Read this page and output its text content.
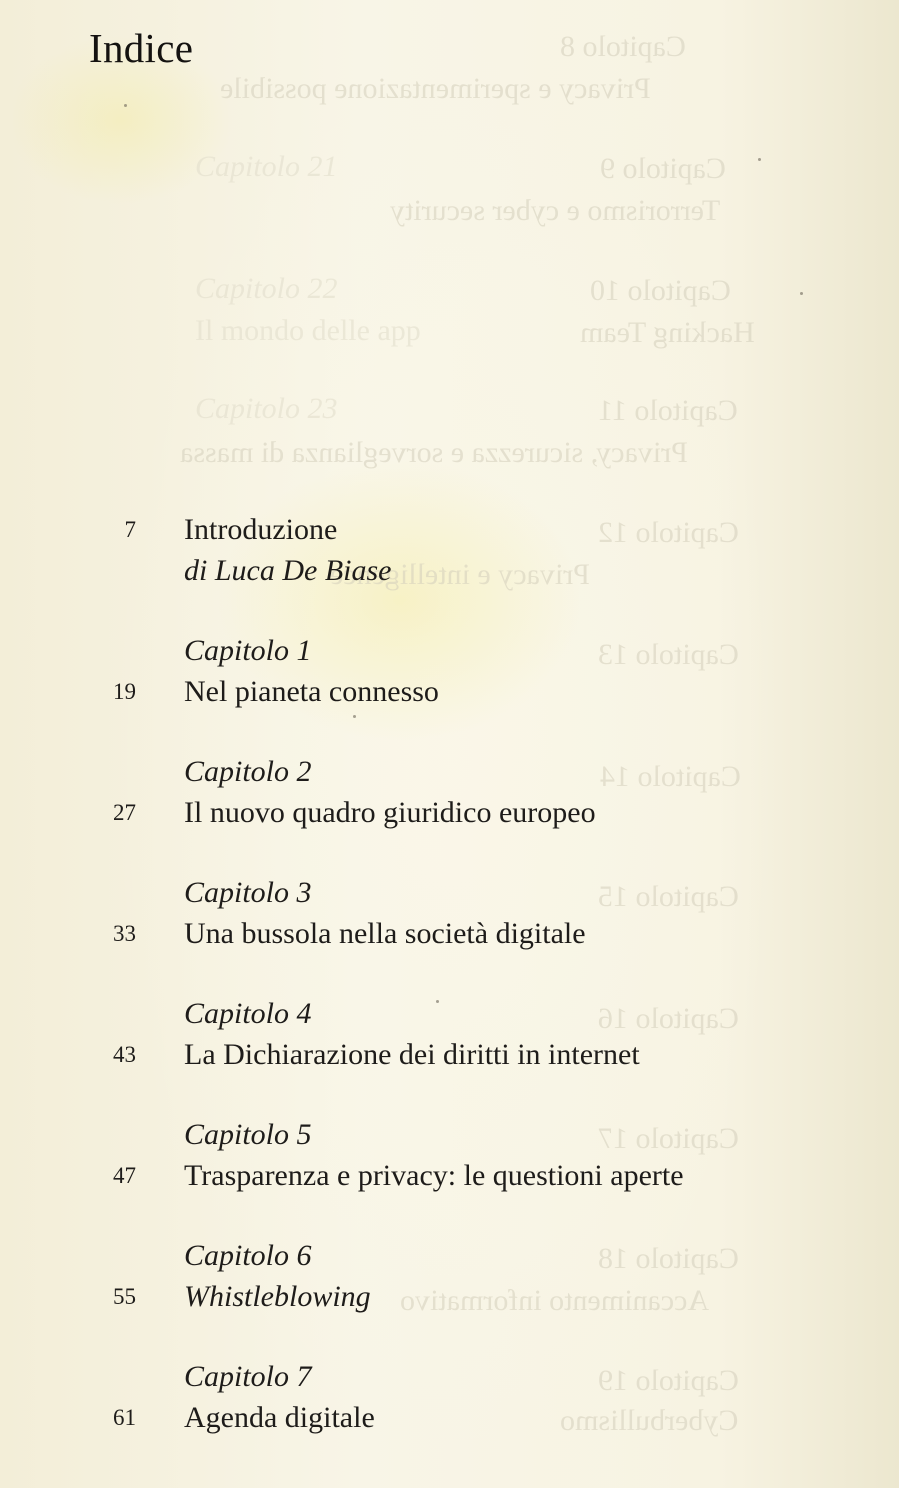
Capitolo 8
Privacy e sperimentazione possibile
Capitolo 9
Terrorismo e cyber security
Capitolo 10
Hacking Team
Capitolo 11
Privacy, sicurezza e sorveglianza di massa
Capitolo 12
Privacy e intelligence
Capitolo 13
Capitolo 14
Capitolo 15
Capitolo 16
Capitolo 17
Capitolo 18
Accanimento informativo
Capitolo 19
Cyberbullismo
Capitolo 21
Capitolo 22
Il mondo delle app
Capitolo 23
Indice
7 Introduzione
di Luca De Biase
Capitolo 1
19 Nel pianeta connesso
Capitolo 2
27 Il nuovo quadro giuridico europeo
Capitolo 3
33 Una bussola nella società digitale
Capitolo 4
43 La Dichiarazione dei diritti in internet
Capitolo 5
47 Trasparenza e privacy: le questioni aperte
Capitolo 6
55 Whistleblowing
Capitolo 7
61 Agenda digitale
